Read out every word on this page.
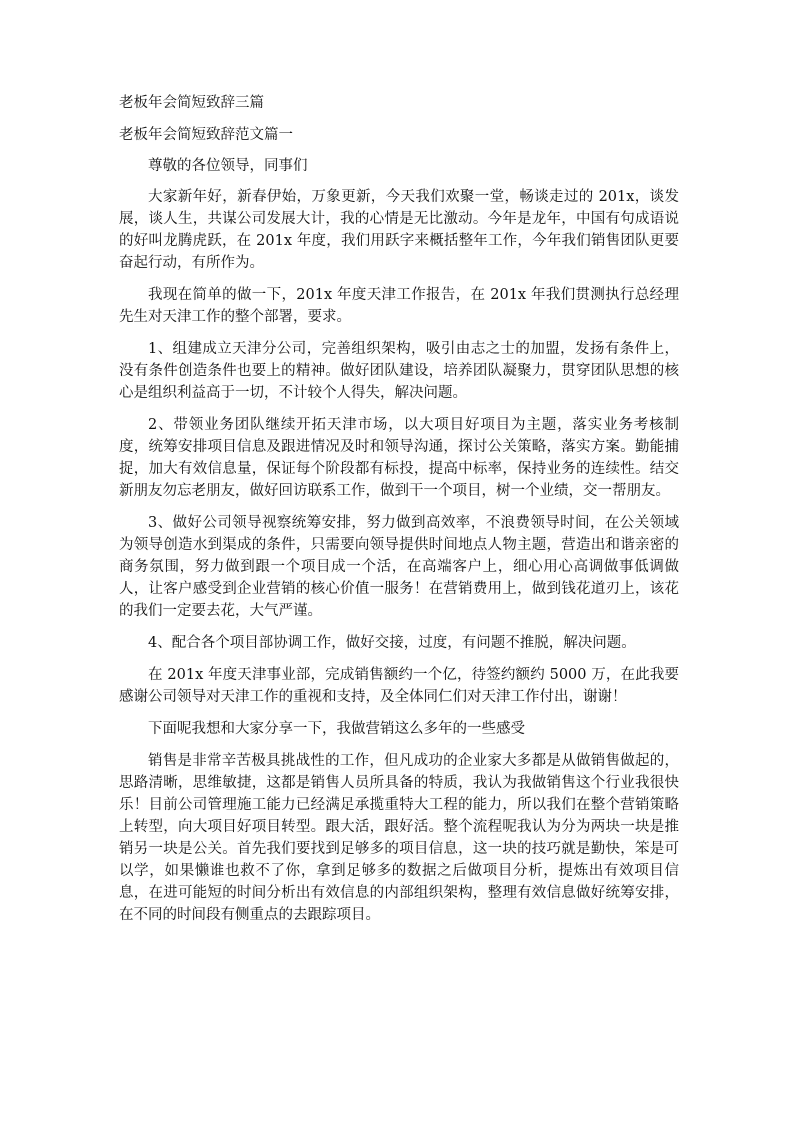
老板年会简短致辞三篇
老板年会简短致辞范文篇一
尊敬的各位领导，同事们

大家新年好，新春伊始，万象更新，今天我们欢聚一堂，畅谈走过的 201x，谈发展，谈人生，共谋公司发展大计，我的心情是无比激动。今年是龙年，中国有句成语说的好叫龙腾虎跃，在 201x 年度，我们用跃字来概括整年工作，今年我们销售团队更要奋起行动，有所作为。

我现在简单的做一下，201x 年度天津工作报告，在 201x 年我们贯测执行总经理先生对天津工作的整个部署，要求。

1、组建成立天津分公司，完善组织架构，吸引由志之士的加盟，发扬有条件上，没有条件创造条件也要上的精神。做好团队建设，培养团队凝聚力，贯穿团队思想的核心是组织利益高于一切，不计较个人得失，解决问题。

2、带领业务团队继续开拓天津市场，以大项目好项目为主题，落实业务考核制度，统筹安排项目信息及跟进情况及时和领导沟通，探讨公关策略，落实方案。勤能捕捉，加大有效信息量，保证每个阶段都有标投，提高中标率，保持业务的连续性。结交新朋友勿忘老朋友，做好回访联系工作，做到干一个项目，树一个业绩，交一帮朋友。

3、做好公司领导视察统筹安排，努力做到高效率，不浪费领导时间，在公关领域为领导创造水到渠成的条件，只需要向领导提供时间地点人物主题，营造出和谐亲密的商务氛围，努力做到跟一个项目成一个活，在高端客户上，细心用心高调做事低调做人，让客户感受到企业营销的核心价值一服务！在营销费用上，做到钱花道刃上，该花的我们一定要去花，大气严谨。

4、配合各个项目部协调工作，做好交接，过度，有问题不推脱，解决问题。

在 201x 年度天津事业部，完成销售额约一个亿，待签约额约 5000 万，在此我要感谢公司领导对天津工作的重视和支持，及全体同仁们对天津工作付出，谢谢！

下面呢我想和大家分享一下，我做营销这么多年的一些感受

销售是非常辛苦极具挑战性的工作，但凡成功的企业家大多都是从做销售做起的，思路清晰，思维敏捷，这都是销售人员所具备的特质，我认为我做销售这个行业我很快乐！目前公司管理施工能力已经满足承揽重特大工程的能力，所以我们在整个营销策略上转型，向大项目好项目转型。跟大活，跟好活。整个流程呢我认为分为两块一块是推销另一块是公关。首先我们要找到足够多的项目信息，这一块的技巧就是勤快，笨是可以学，如果懒谁也救不了你，拿到足够多的数据之后做项目分析，提炼出有效项目信息，在进可能短的时间分析出有效信息的内部组织架构，整理有效信息做好统筹安排，在不同的时间段有侧重点的去跟踪项目。
